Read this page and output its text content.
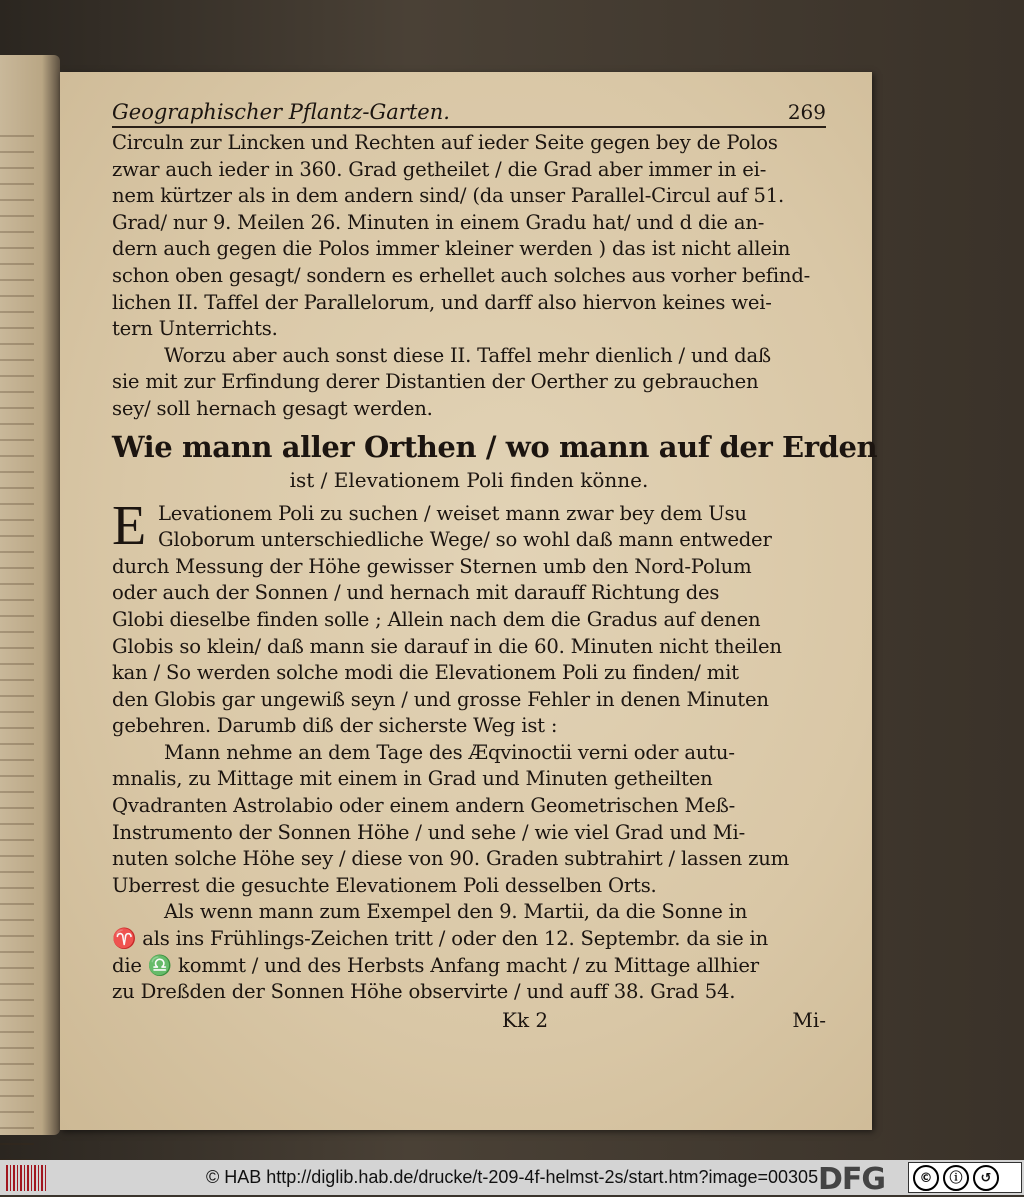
Geographischer Pflantz-Garten.	269
Circuln zur Lincken und Rechten auf ieder Seite gegen bey de Polos
zwar auch ieder in 360. Grad getheilet / die Grad aber immer in ei-
nem kürtzer als in dem andern sind/ (da unser Parallel-Circul auf 51.
Grad/ nur 9. Meilen 26. Minuten in einem Gradu hat/ und d die an-
dern auch gegen die Polos immer kleiner werden ) das ist nicht allein
schon oben gesagt/ sondern es erhellet auch solches aus vorher befind-
lichen II. Taffel der Parallelorum, und darff also hiervon keines wei-
tern Unterrichts.
Worzu aber auch sonst diese II. Taffel mehr dienlich / und daß
sie mit zur Erfindung derer Distantien der Oerther zu gebrauchen
sey/ soll hernach gesagt werden.
Wie mann aller Orthen / wo mann auf der Erden
ist / Elevationem Poli finden könne.
E Levationem Poli zu suchen / weiset mann zwar bey dem Usu
Globorum unterschiedliche Wege/ so wohl daß mann entweder
durch Messung der Höhe gewisser Sternen umb den Nord-Polum
oder auch der Sonnen / und hernach mit darauff Richtung des
Globi dieselbe finden solle ; Allein nach dem die Gradus auf denen
Globis so klein/ daß mann sie darauf in die 60. Minuten nicht theilen
kan / So werden solche modi die Elevationem Poli zu finden/ mit
den Globis gar ungewiß seyn / und grosse Fehler in denen Minuten
gebehren. Darumb diß der sicherste Weg ist :
Mann nehme an dem Tage des Æqvinoctii verni oder autu-
mnalis, zu Mittage mit einem in Grad und Minuten getheilten
Qvadranten Astrolabio oder einem andern Geometrischen Meß-
Instrumento der Sonnen Höhe / und sehe / wie viel Grad und Mi-
nuten solche Höhe sey / diese von 90. Graden subtrahirt / lassen zum
Uberrest die gesuchte Elevationem Poli desselben Orts.
Als wenn mann zum Exempel den 9. Martii, da die Sonne in
♈ als ins Frühlings-Zeichen tritt / oder den 12. Septembr. da sie in
die ♎ kommt / und des Herbsts Anfang macht / zu Mittage allhier
zu Dreßden der Sonnen Höhe observirte / und auff 38. Grad 54.
Kk 2	Mi-
© HAB http://diglib.hab.de/drucke/t-209-4f-helmst-2s/start.htm?image=00305 DFG	©	ⓘ	↺
